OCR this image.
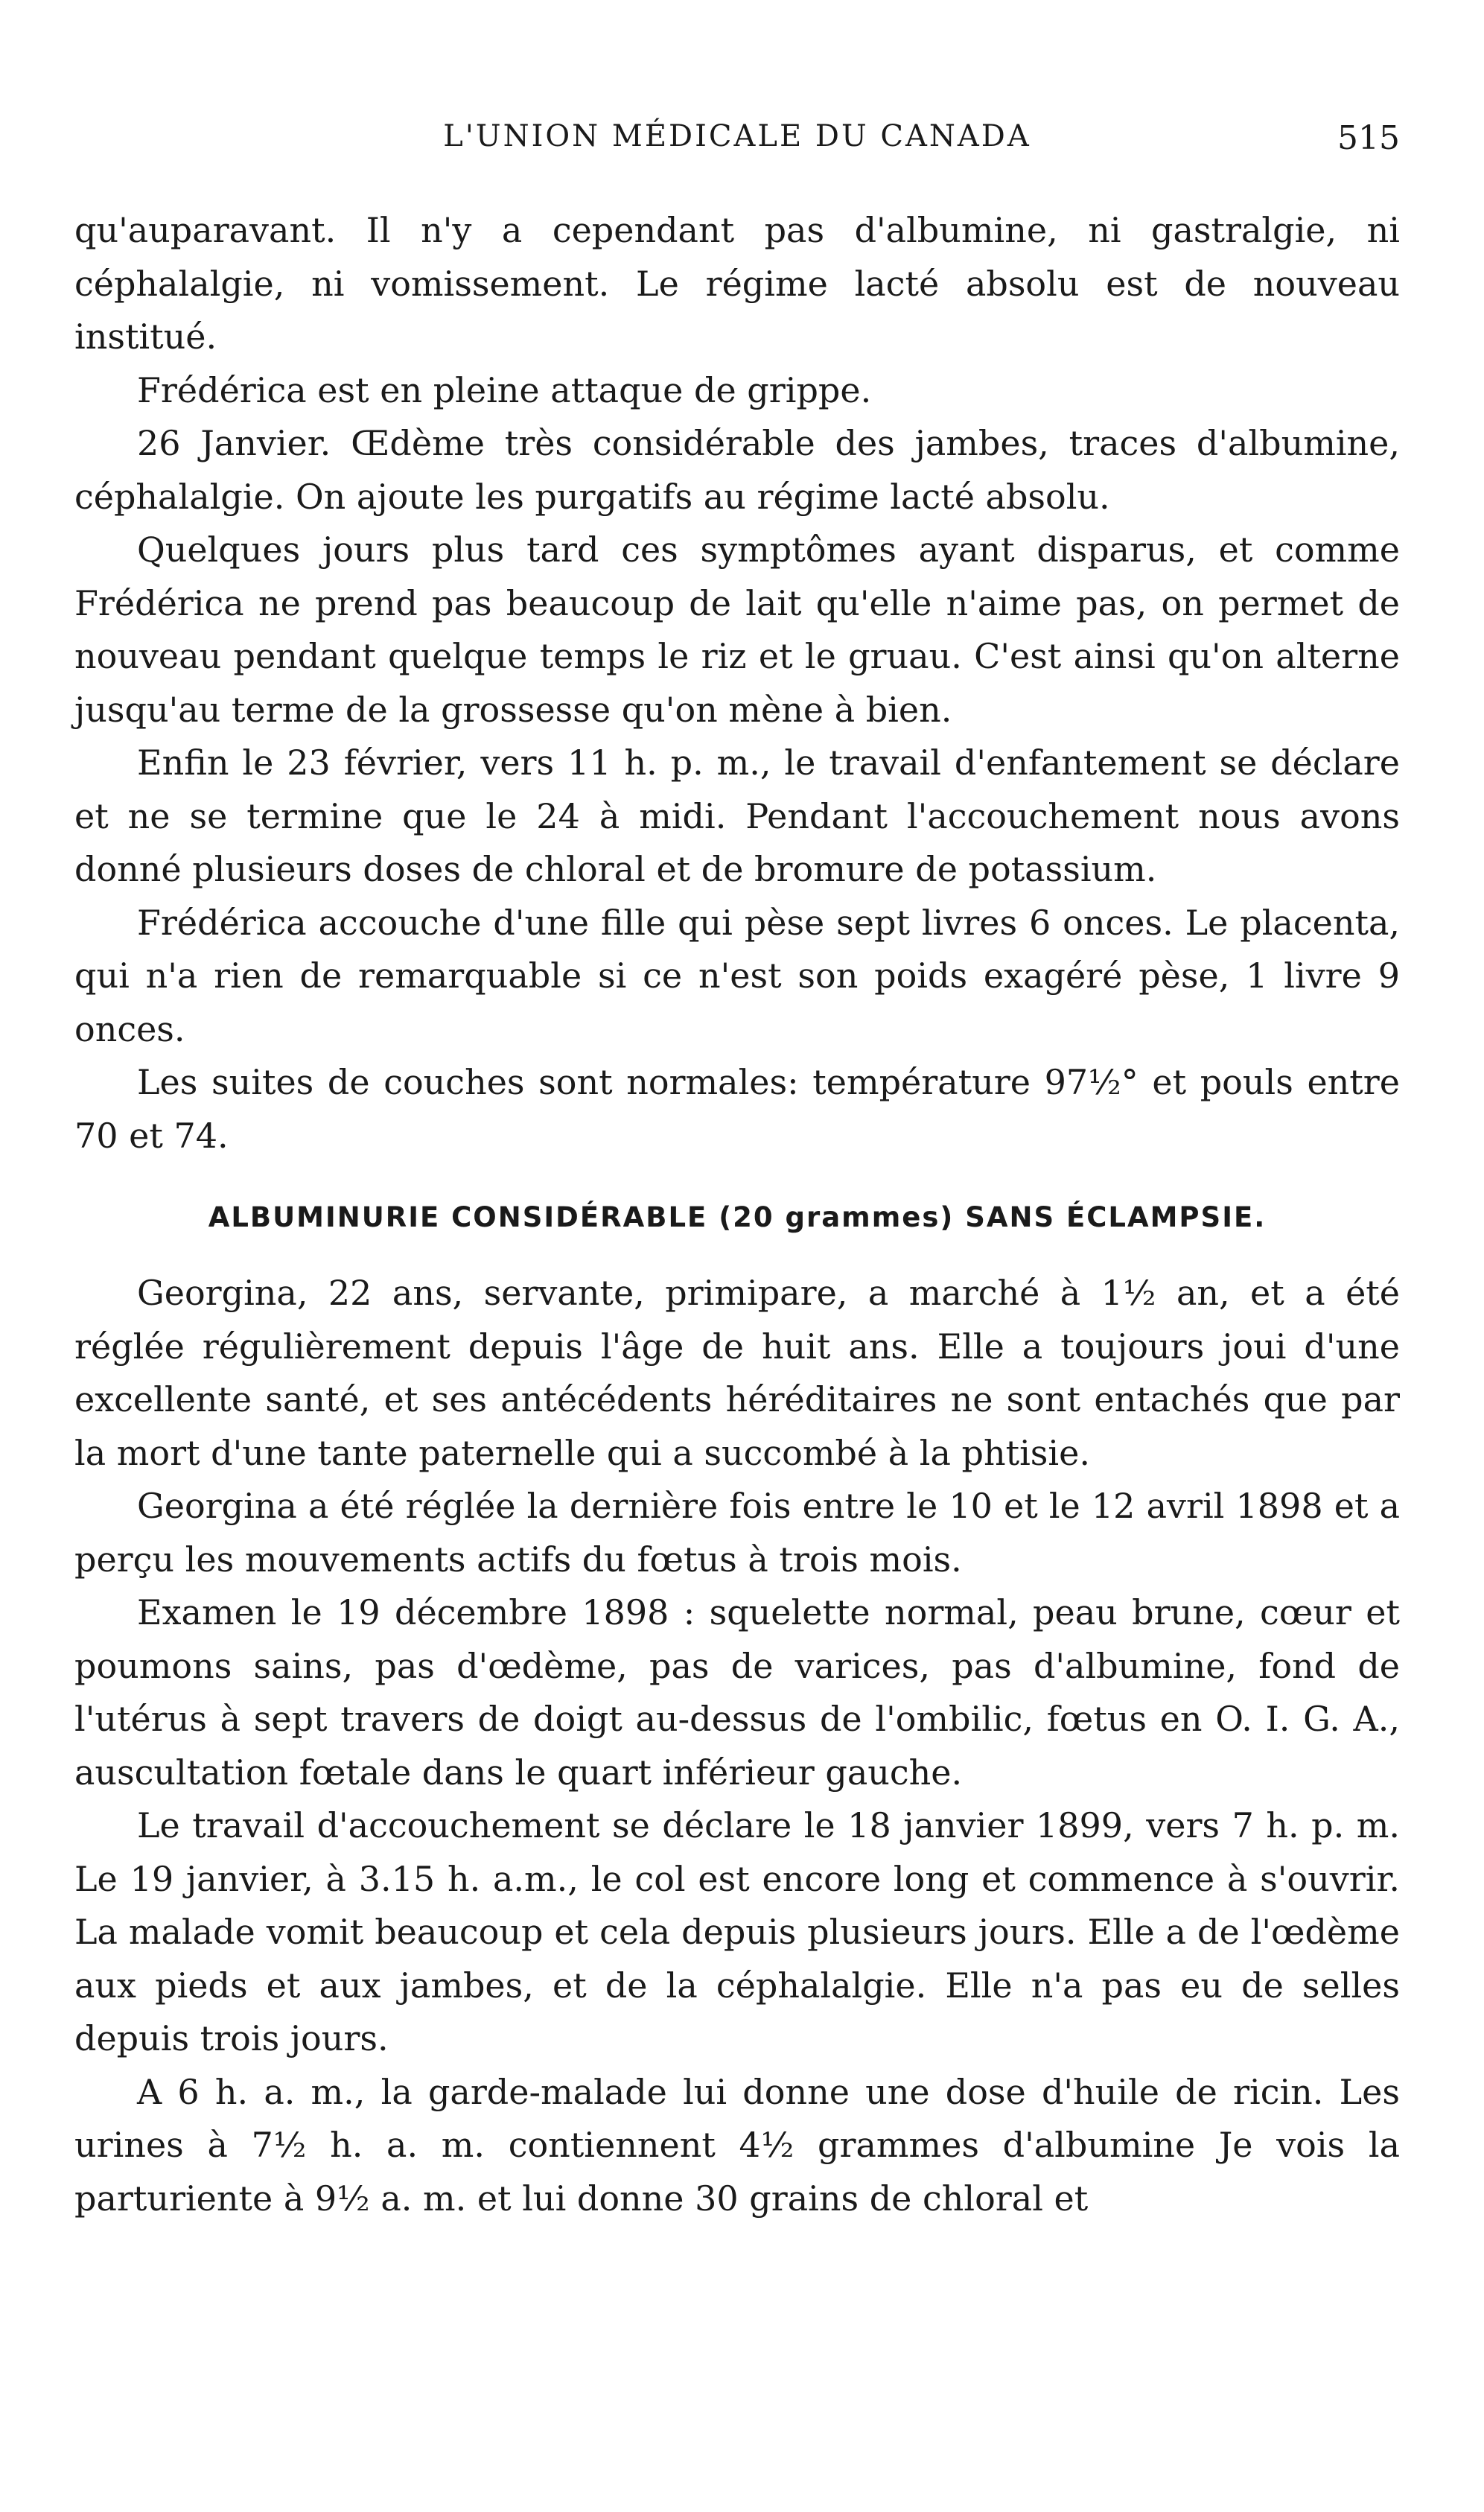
L'UNION MÉDICALE DU CANADA	515

qu'auparavant. Il n'y a cependant pas d'albumine, ni gastralgie, ni céphalalgie, ni vomissement. Le régime lacté absolu est de nouveau institué.

Frédérica est en pleine attaque de grippe.

26 Janvier. Œdème très considérable des jambes, traces d'albumine, céphalalgie. On ajoute les purgatifs au régime lacté absolu.

Quelques jours plus tard ces symptômes ayant disparus, et comme Frédérica ne prend pas beaucoup de lait qu'elle n'aime pas, on permet de nouveau pendant quelque temps le riz et le gruau. C'est ainsi qu'on alterne jusqu'au terme de la grossesse qu'on mène à bien.

Enfin le 23 février, vers 11 h. p. m., le travail d'enfantement se déclare et ne se termine que le 24 à midi. Pendant l'accouchement nous avons donné plusieurs doses de chloral et de bromure de potassium.

Frédérica accouche d'une fille qui pèse sept livres 6 onces. Le placenta, qui n'a rien de remarquable si ce n'est son poids exagéré pèse, 1 livre 9 onces.

Les suites de couches sont normales: température 97½° et pouls entre 70 et 74.

ALBUMINURIE CONSIDÉRABLE (20 grammes) SANS ÉCLAMPSIE.

Georgina, 22 ans, servante, primipare, a marché à 1½ an, et a été réglée régulièrement depuis l'âge de huit ans. Elle a toujours joui d'une excellente santé, et ses antécédents héréditaires ne sont entachés que par la mort d'une tante paternelle qui a succombé à la phtisie.

Georgina a été réglée la dernière fois entre le 10 et le 12 avril 1898 et a perçu les mouvements actifs du fœtus à trois mois.

Examen le 19 décembre 1898 : squelette normal, peau brune, cœur et poumons sains, pas d'œdème, pas de varices, pas d'albumine, fond de l'utérus à sept travers de doigt au-dessus de l'ombilic, fœtus en O. I. G. A., auscultation fœtale dans le quart inférieur gauche.

Le travail d'accouchement se déclare le 18 janvier 1899, vers 7 h. p. m. Le 19 janvier, à 3.15 h. a.m., le col est encore long et commence à s'ouvrir. La malade vomit beaucoup et cela depuis plusieurs jours. Elle a de l'œdème aux pieds et aux jambes, et de la céphalalgie. Elle n'a pas eu de selles depuis trois jours.

A 6 h. a. m., la garde-malade lui donne une dose d'huile de ricin. Les urines à 7½ h. a. m. contiennent 4½ grammes d'albumine Je vois la parturiente à 9½ a. m. et lui donne 30 grains de chloral et
